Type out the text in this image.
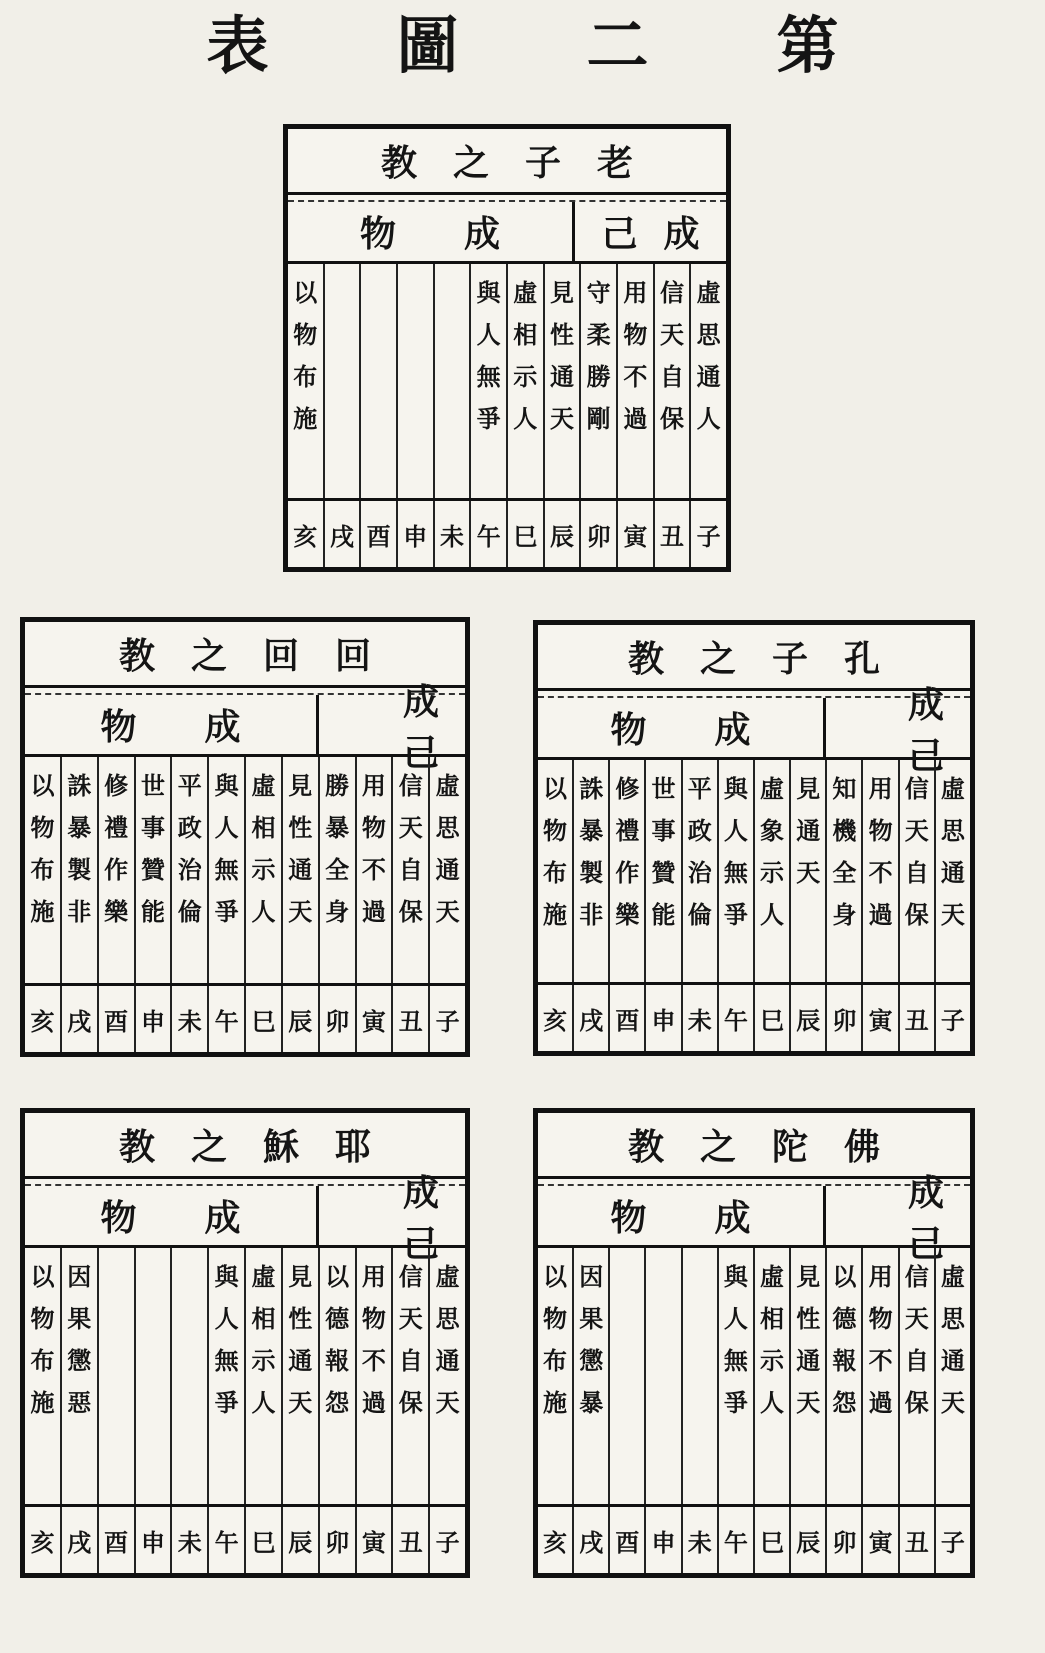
第二圖表
老子之教
成物 成己
虛
思
通
人
信
天
自
保
用
物
不
過
守
柔
勝
剛
見
性
通
天
虛
相
示
人
與
人
無
爭
以
物
布
施
子
丑
寅
卯
辰
巳
午
未
申
酉
戌
亥
回回之教
成物
成己
虛
思
通
天
信
天
自
保
用
物
不
過
勝
暴
全
身
見
性
通
天
虛
相
示
人
與
人
無
爭
平
政
治
倫
世
事
贊
能
修
禮
作
樂
誅
暴
製
非
以
物
布
施
子
丑
寅
卯
辰
巳
午
未
申
酉
戌
亥
孔子之教
成物
成己
虛
思
通
天
信
天
自
保
用
物
不
過
知
機
全
身
見
通
天
虛
象
示
人
與
人
無
爭
平
政
治
倫
世
事
贊
能
修
禮
作
樂
誅
暴
製
非
以
物
布
施
子
丑
寅
卯
辰
巳
午
未
申
酉
戌
亥
耶穌之教
成物
成己
虛
思
通
天
信
天
自
保
用
物
不
過
以
德
報
怨
見
性
通
天
虛
相
示
人
與
人
無
爭
因
果
懲
惡
以
物
布
施
子
丑
寅
卯
辰
巳
午
未
申
酉
戌
亥
佛陀之教
成物
成己
虛
思
通
天
信
天
自
保
用
物
不
過
以
德
報
怨
見
性
通
天
虛
相
示
人
與
人
無
爭
因
果
懲
暴
以
物
布
施
子
丑
寅
卯
辰
巳
午
未
申
酉
戌
亥
